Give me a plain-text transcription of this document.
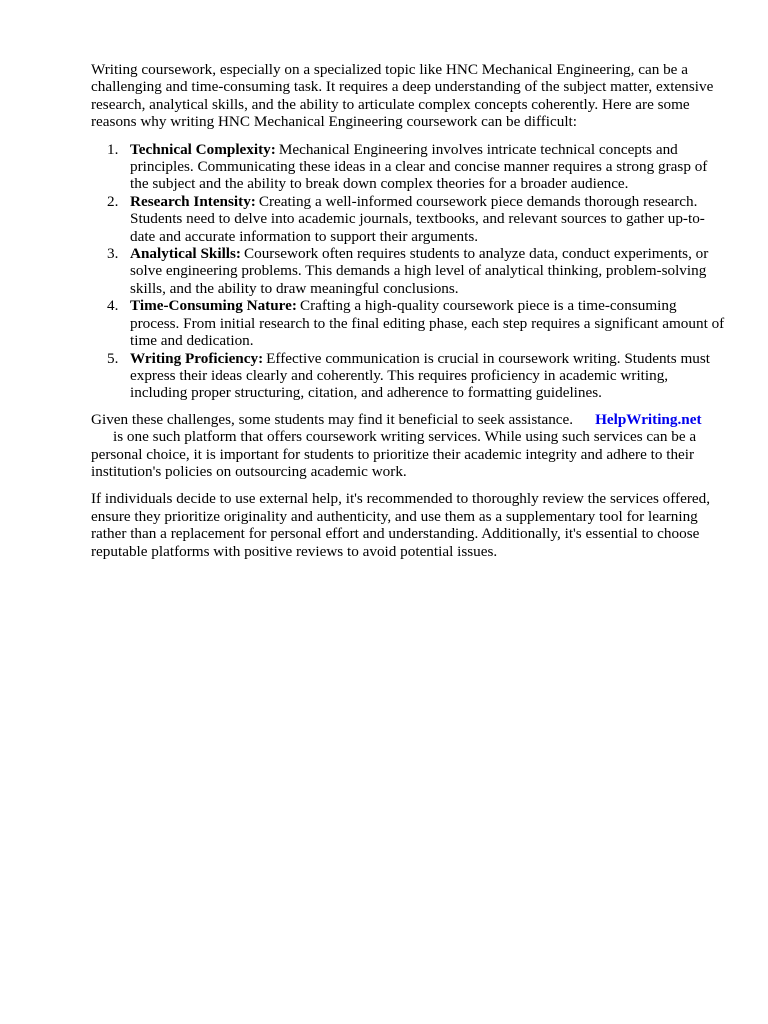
Writing coursework, especially on a specialized topic like HNC Mechanical Engineering, can be a challenging and time-consuming task. It requires a deep understanding of the subject matter, extensive research, analytical skills, and the ability to articulate complex concepts coherently. Here are some reasons why writing HNC Mechanical Engineering coursework can be difficult:

1. Technical Complexity: Mechanical Engineering involves intricate technical concepts and principles. Communicating these ideas in a clear and concise manner requires a strong grasp of the subject and the ability to break down complex theories for a broader audience.
2. Research Intensity: Creating a well-informed coursework piece demands thorough research. Students need to delve into academic journals, textbooks, and relevant sources to gather up-to-date and accurate information to support their arguments.
3. Analytical Skills: Coursework often requires students to analyze data, conduct experiments, or solve engineering problems. This demands a high level of analytical thinking, problem-solving skills, and the ability to draw meaningful conclusions.
4. Time-Consuming Nature: Crafting a high-quality coursework piece is a time-consuming process. From initial research to the final editing phase, each step requires a significant amount of time and dedication.
5. Writing Proficiency: Effective communication is crucial in coursework writing. Students must express their ideas clearly and coherently. This requires proficiency in academic writing, including proper structuring, citation, and adherence to formatting guidelines.

Given these challenges, some students may find it beneficial to seek assistance. HelpWriting.net
is one such platform that offers coursework writing services. While using such services can be a personal choice, it is important for students to prioritize their academic integrity and adhere to their institution's policies on outsourcing academic work.

If individuals decide to use external help, it's recommended to thoroughly review the services offered, ensure they prioritize originality and authenticity, and use them as a supplementary tool for learning rather than a replacement for personal effort and understanding. Additionally, it's essential to choose reputable platforms with positive reviews to avoid potential issues.
